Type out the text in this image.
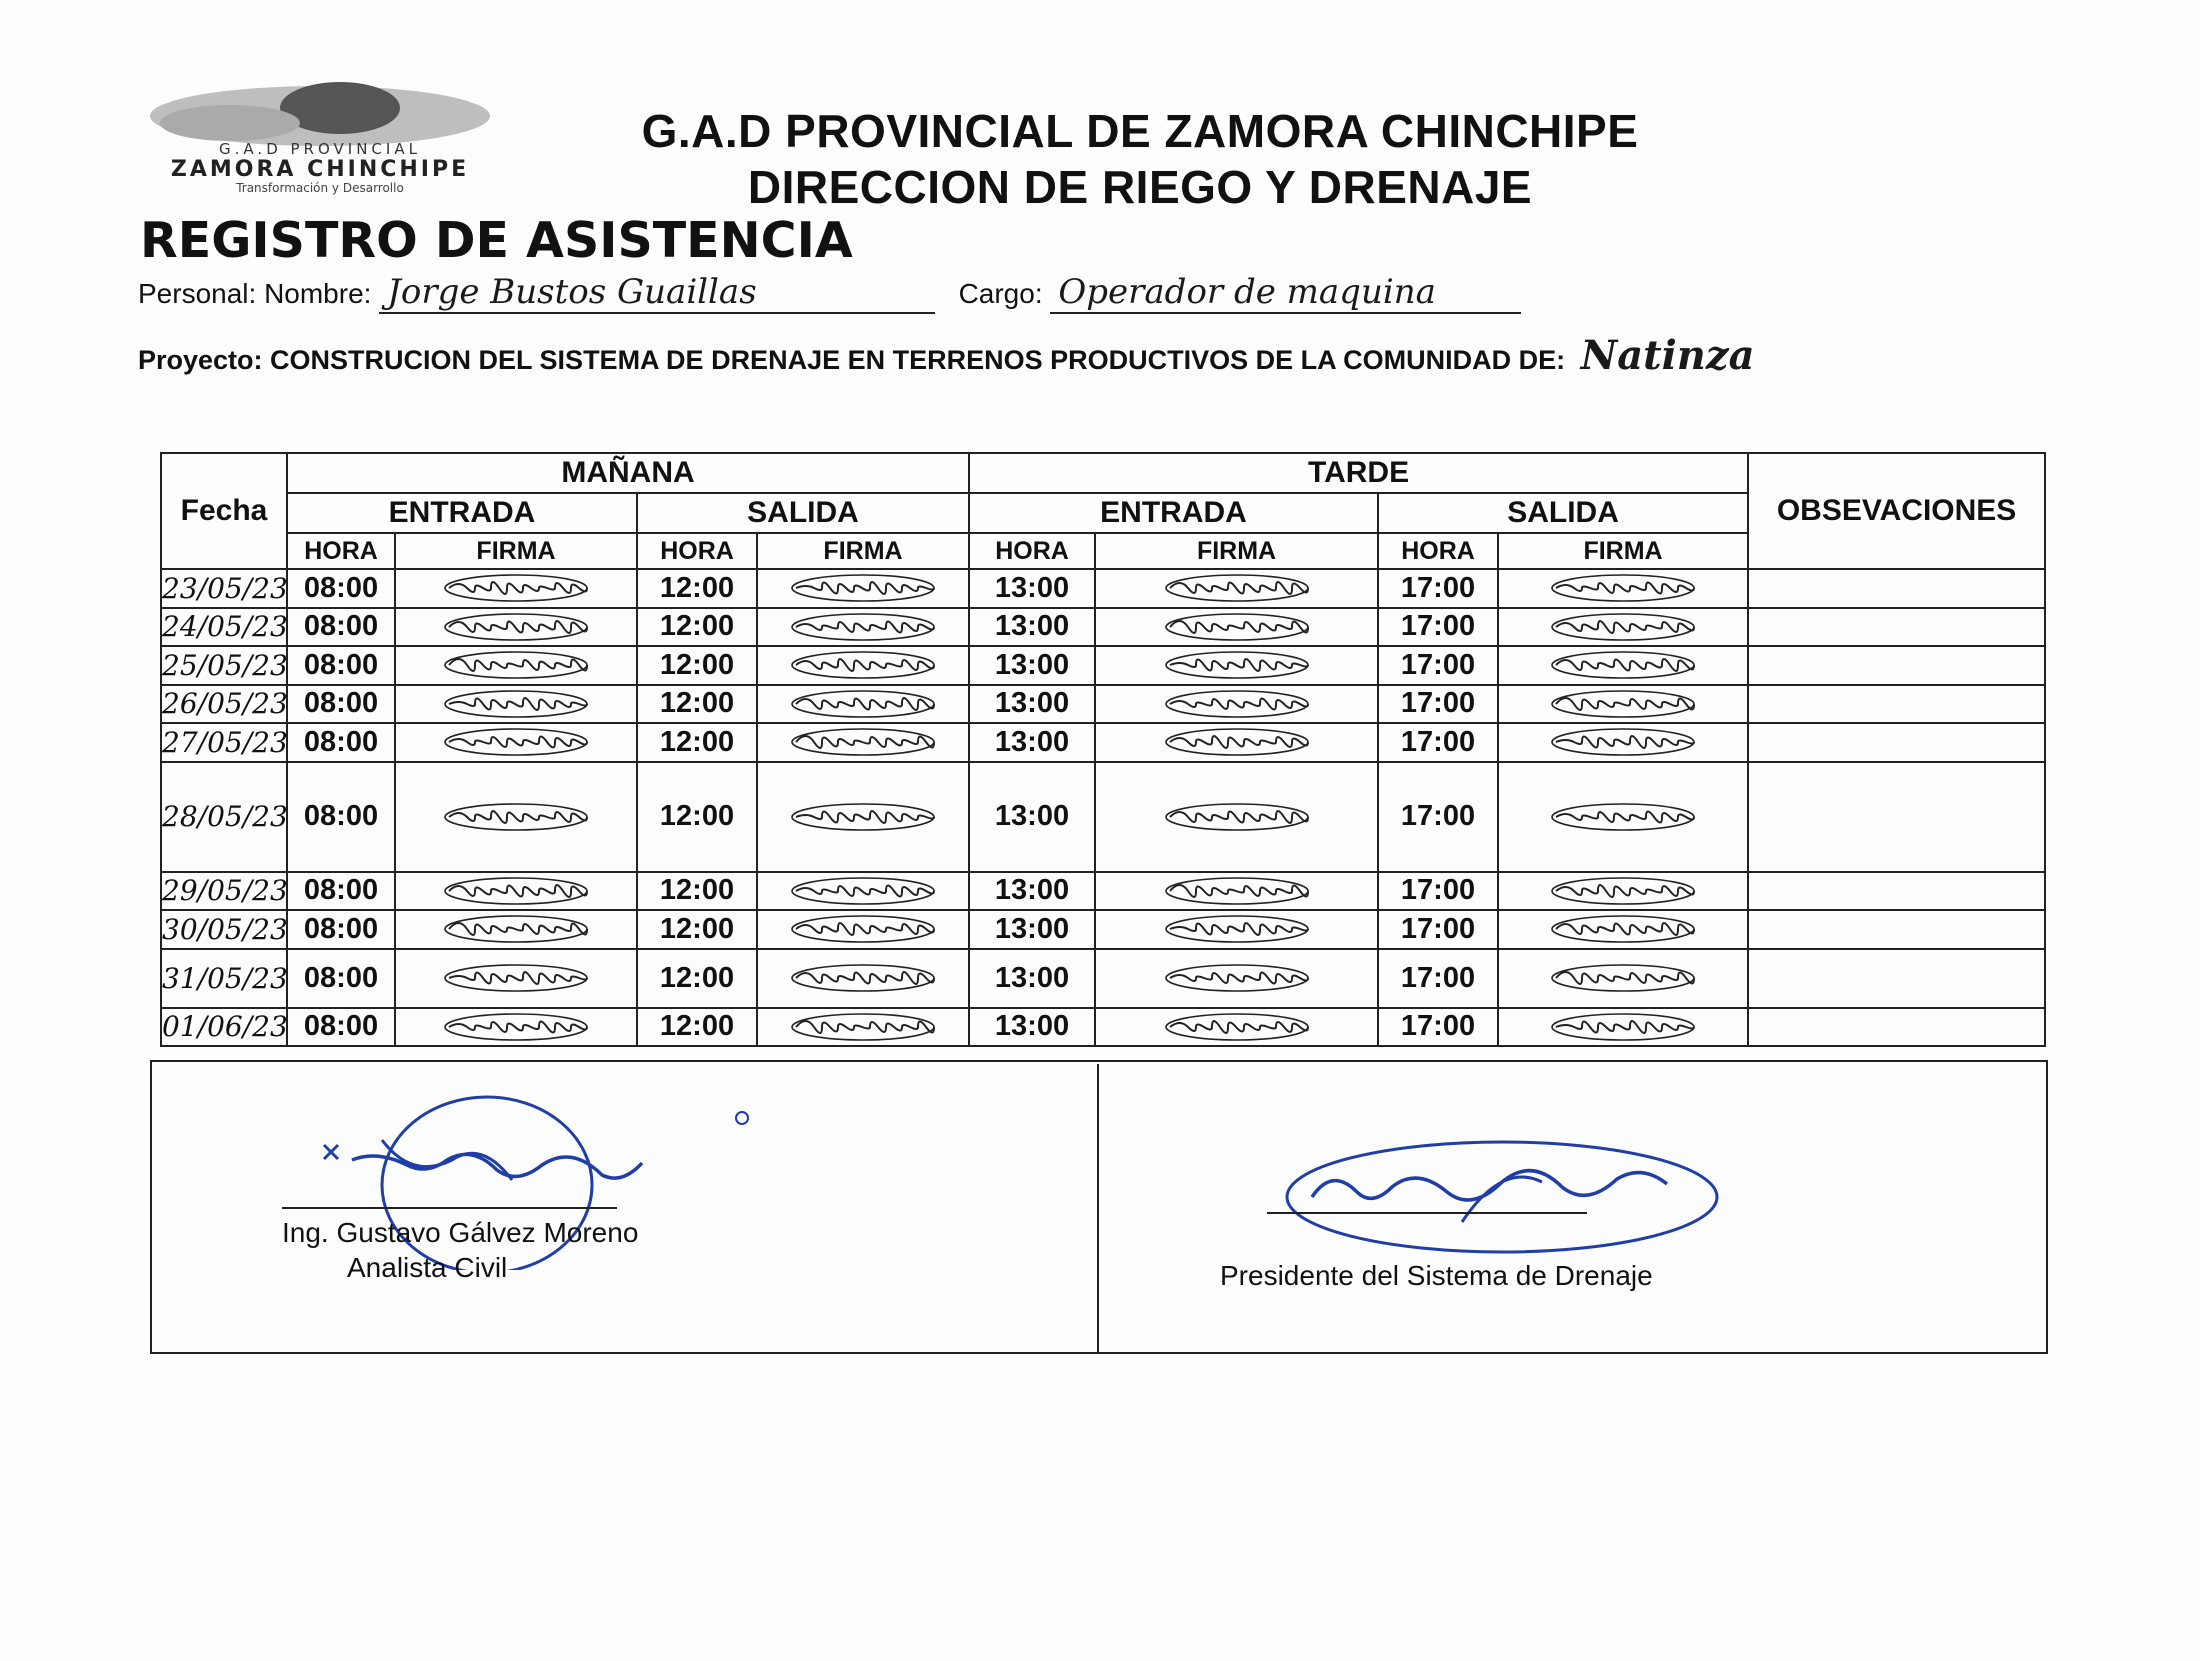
G.A.D PROVINCIAL
ZAMORA CHINCHIPE
Transformación y Desarrollo
G.A.D PROVINCIAL DE ZAMORA CHINCHIPE
DIRECCION DE RIEGO Y DRENAJE
REGISTRO DE ASISTENCIA
Personal: Nombre: Jorge Bustos Guaillas	Cargo: Operador de maquina
Proyecto: CONSTRUCION DEL SISTEMA DE DRENAJE EN TERRENOS PRODUCTIVOS DE LA COMUNIDAD DE: Natinza
Fecha	MAÑANA				TARDE				OBSEVACIONES
	ENTRADA		SALIDA		ENTRADA		SALIDA		
	HORA	FIRMA	HORA	FIRMA	HORA	FIRMA	HORA	FIRMA	
23/05/23	08:00		12:00		13:00		17:00	

24/05/23	08:00		12:00		13:00		17:00	

25/05/23	08:00		12:00		13:00		17:00	

26/05/23	08:00		12:00		13:00		17:00	

27/05/23	08:00		12:00		13:00		17:00	

28/05/23	08:00		12:00		13:00		17:00	

29/05/23	08:00		12:00		13:00		17:00	

30/05/23	08:00		12:00		13:00		17:00	

31/05/23	08:00		12:00		13:00		17:00	

01/06/23	08:00		12:00		13:00		17:00	

Ing. Gustavo Gálvez Moreno
Analista Civil	Presidente del Sistema de Drenaje
